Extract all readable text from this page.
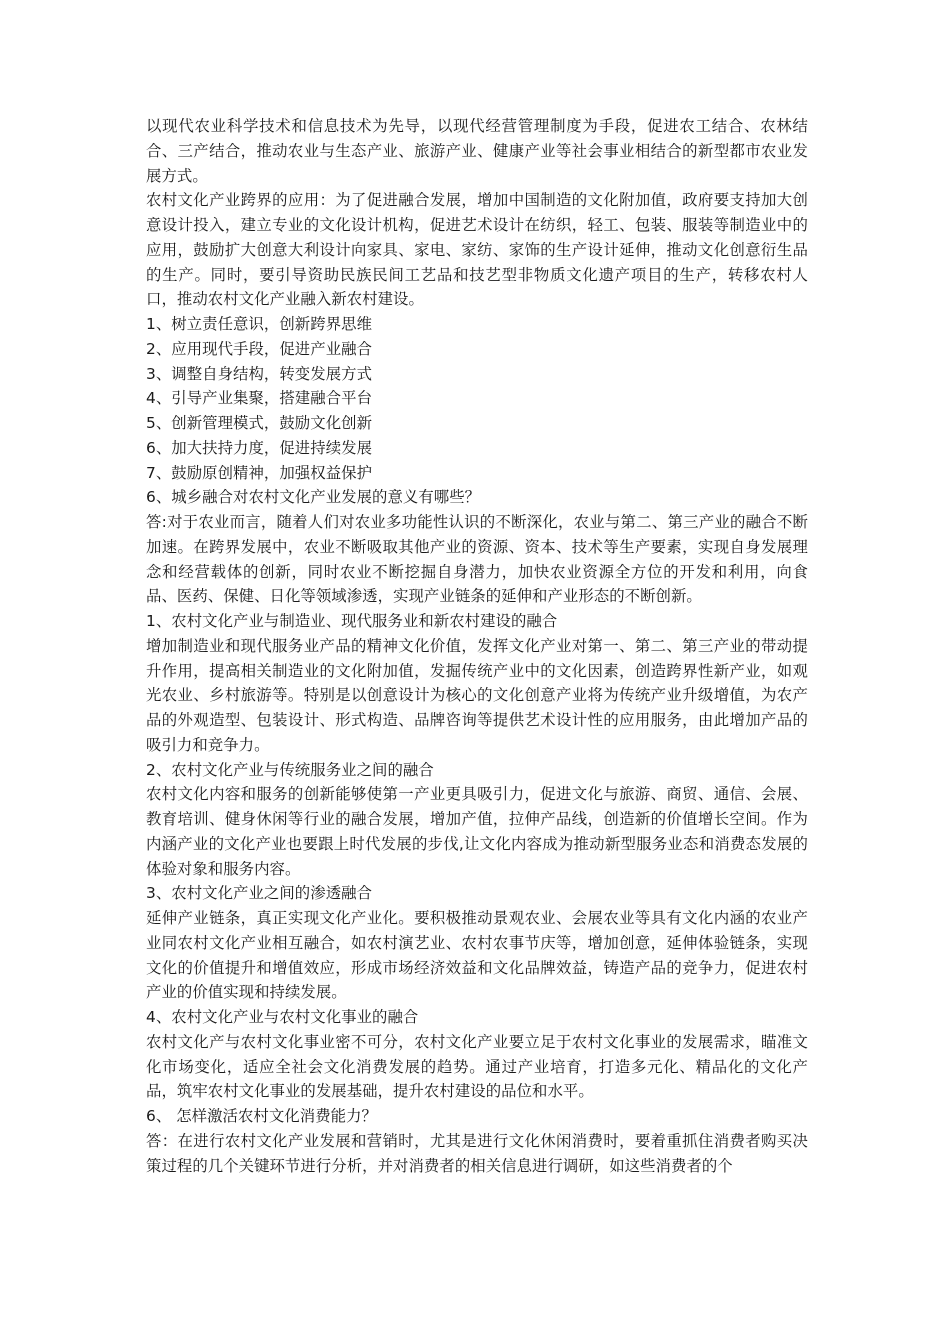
以现代农业科学技术和信息技术为先导，以现代经营管理制度为手段，促进农工结合、农林结合、三产结合，推动农业与生态产业、旅游产业、健康产业等社会事业相结合的新型都市农业发展方式。

农村文化产业跨界的应用：为了促进融合发展，增加中国制造的文化附加值，政府要支持加大创意设计投入，建立专业的文化设计机构，促进艺术设计在纺织，轻工、包装、服装等制造业中的应用，鼓励扩大创意大利设计向家具、家电、家纺、家饰的生产设计延伸，推动文化创意衍生品的生产。同时，要引导资助民族民间工艺品和技艺型非物质文化遗产项目的生产，转移农村人口，推动农村文化产业融入新农村建设。

1、树立责任意识，创新跨界思维

2、应用现代手段，促进产业融合

3、调整自身结构，转变发展方式

4、引导产业集聚，搭建融合平台

5、创新管理模式，鼓励文化创新

6、加大扶持力度，促进持续发展

7、鼓励原创精神，加强权益保护

6、城乡融合对农村文化产业发展的意义有哪些？

答:对于农业而言，随着人们对农业多功能性认识的不断深化，农业与第二、第三产业的融合不断加速。在跨界发展中，农业不断吸取其他产业的资源、资本、技术等生产要素，实现自身发展理念和经营载体的创新，同时农业不断挖掘自身潜力，加快农业资源全方位的开发和利用，向食品、医药、保健、日化等领域渗透，实现产业链条的延伸和产业形态的不断创新。

1、农村文化产业与制造业、现代服务业和新农村建设的融合

增加制造业和现代服务业产品的精神文化价值，发挥文化产业对第一、第二、第三产业的带动提升作用，提高相关制造业的文化附加值，发掘传统产业中的文化因素，创造跨界性新产业，如观光农业、乡村旅游等。特别是以创意设计为核心的文化创意产业将为传统产业升级增值，为农产品的外观造型、包装设计、形式构造、品牌咨询等提供艺术设计性的应用服务，由此增加产品的吸引力和竞争力。

2、农村文化产业与传统服务业之间的融合

农村文化内容和服务的创新能够使第一产业更具吸引力，促进文化与旅游、商贸、通信、会展、教育培训、健身休闲等行业的融合发展，增加产值，拉伸产品线，创造新的价值增长空间。作为内涵产业的文化产业也要跟上时代发展的步伐,让文化内容成为推动新型服务业态和消费态发展的体验对象和服务内容。

3、农村文化产业之间的渗透融合

延伸产业链条，真正实现文化产业化。要积极推动景观农业、会展农业等具有文化内涵的农业产业同农村文化产业相互融合，如农村演艺业、农村农事节庆等，增加创意，延伸体验链条，实现文化的价值提升和增值效应，形成市场经济效益和文化品牌效益，铸造产品的竞争力，促进农村产业的价值实现和持续发展。

4、农村文化产业与农村文化事业的融合

农村文化产与农村文化事业密不可分，农村文化产业要立足于农村文化事业的发展需求，瞄准文化市场变化，适应全社会文化消费发展的趋势。通过产业培育，打造多元化、精品化的文化产品，筑牢农村文化事业的发展基础，提升农村建设的品位和水平。

6、 怎样激活农村文化消费能力？

答：在进行农村文化产业发展和营销时，尤其是进行文化休闲消费时，要着重抓住消费者购买决策过程的几个关键环节进行分析，并对消费者的相关信息进行调研，如这些消费者的个
